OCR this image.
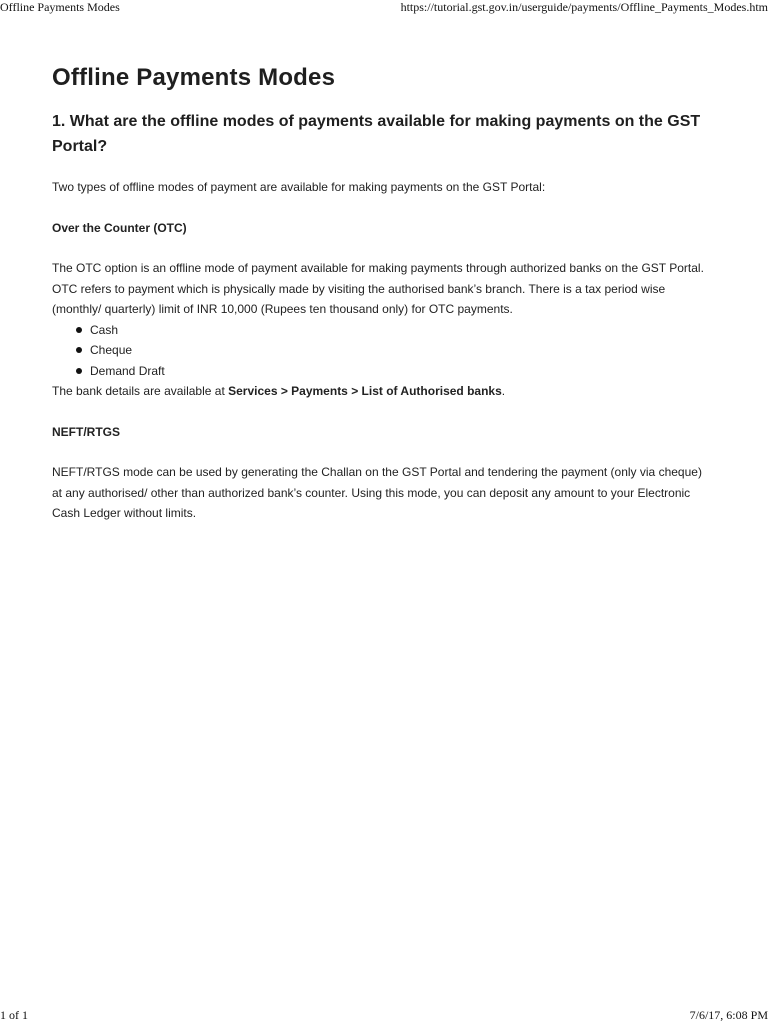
Offline Payments Modes	https://tutorial.gst.gov.in/userguide/payments/Offline_Payments_Modes.htm
Offline Payments Modes
1. What are the offline modes of payments available for making payments on the GST Portal?

Two types of offline modes of payment are available for making payments on the GST Portal:

Over the Counter (OTC)

The OTC option is an offline mode of payment available for making payments through authorized banks on the GST Portal. OTC refers to payment which is physically made by visiting the authorised bank’s branch. There is a tax period wise (monthly/ quarterly) limit of INR 10,000 (Rupees ten thousand only) for OTC payments.

Cash
Cheque
Demand Draft

The bank details are available at Services > Payments > List of Authorised banks.

NEFT/RTGS

NEFT/RTGS mode can be used by generating the Challan on the GST Portal and tendering the payment (only via cheque) at any authorised/ other than authorized bank’s counter. Using this mode, you can deposit any amount to your Electronic Cash Ledger without limits.

1 of 1	7/6/17, 6:08 PM
